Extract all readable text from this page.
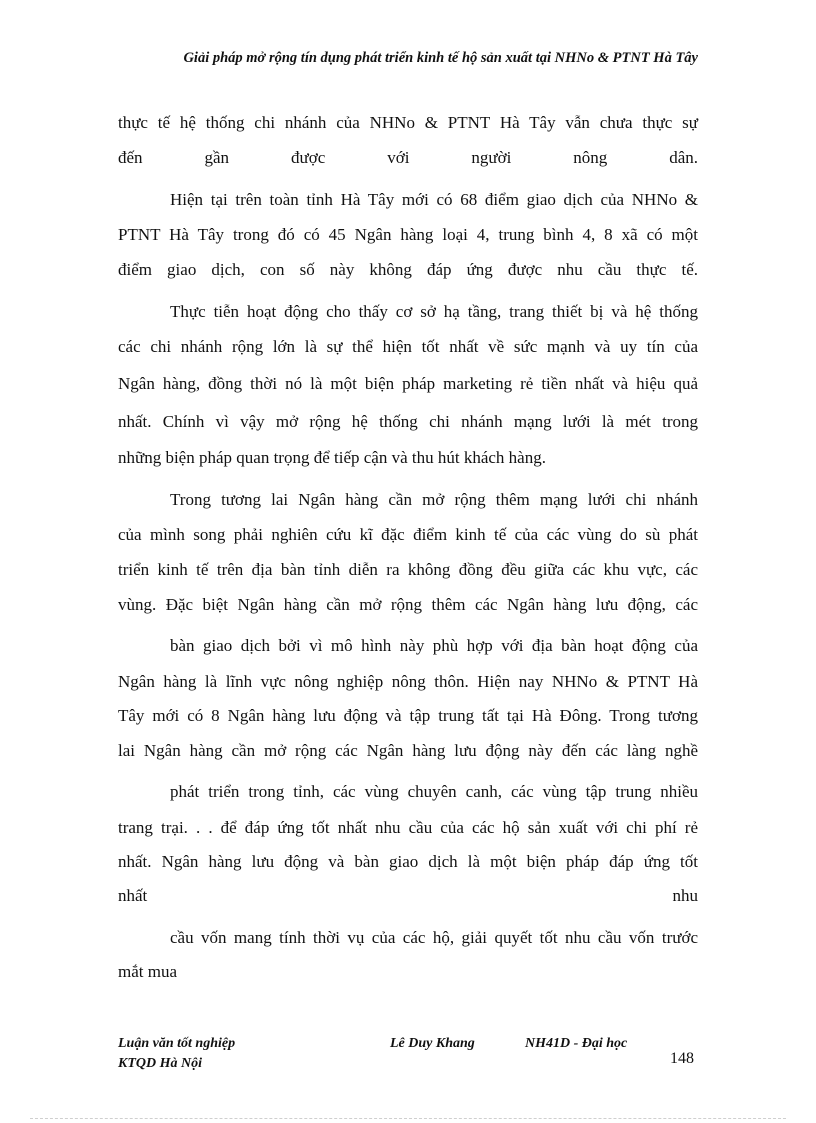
Giải pháp mở rộng tín dụng phát triển kinh tế hộ sản xuất tại NHNo & PTNT Hà Tây
thực tế hệ thống chi nhánh của NHNo & PTNT Hà Tây vẫn chưa thực sự
đến gần được với người nông dân.
Hiện tại trên toàn tỉnh Hà Tây mới có 68 điểm giao dịch của NHNo &
PTNT Hà Tây trong đó có 45 Ngân hàng loại 4, trung bình 4, 8 xã có một
điểm giao dịch, con số này không đáp ứng được nhu cầu thực tế.
Thực tiễn hoạt động cho thấy cơ sở hạ tầng, trang thiết bị và hệ thống
các chi nhánh rộng lớn là sự thể hiện tốt nhất về sức mạnh và uy tín của
Ngân hàng, đồng thời nó là một biện pháp marketing rẻ tiền nhất và hiệu quả
nhất. Chính vì vậy mở rộng hệ thống chi nhánh mạng lưới là mét trong
những biện pháp quan trọng để tiếp cận và thu hút khách hàng.
Trong tương lai Ngân hàng cần mở rộng thêm mạng lưới chi nhánh
của mình song phải nghiên cứu kĩ đặc điểm kinh tế của các vùng do sù phát
triển kinh tế trên địa bàn tỉnh diễn ra không đồng đều giữa các khu vực, các
vùng. Đặc biệt Ngân hàng cần mở rộng thêm các Ngân hàng lưu động, các
bàn giao dịch bởi vì mô hình này phù hợp với địa bàn hoạt động của
Ngân hàng là lĩnh vực nông nghiệp nông thôn. Hiện nay NHNo & PTNT Hà
Tây mới có 8 Ngân hàng lưu động và tập trung tất tại Hà Đông. Trong tương
lai Ngân hàng cần mở rộng các Ngân hàng lưu động này đến các làng nghề
phát triển trong tỉnh, các vùng chuyên canh, các vùng tập trung nhiều
trang trại. . . để đáp ứng tốt nhất nhu cầu của các hộ sản xuất với chi phí rẻ
nhất. Ngân hàng lưu động và bàn giao dịch là một biện pháp đáp ứng tốt
nhất nhu
cầu vốn mang tính thời vụ của các hộ, giải quyết tốt nhu cầu vốn trước
mắt mua
Luận văn tốt nghiệp
KTQD Hà Nội
Lê Duy Khang	NH41D - Đại học
148
